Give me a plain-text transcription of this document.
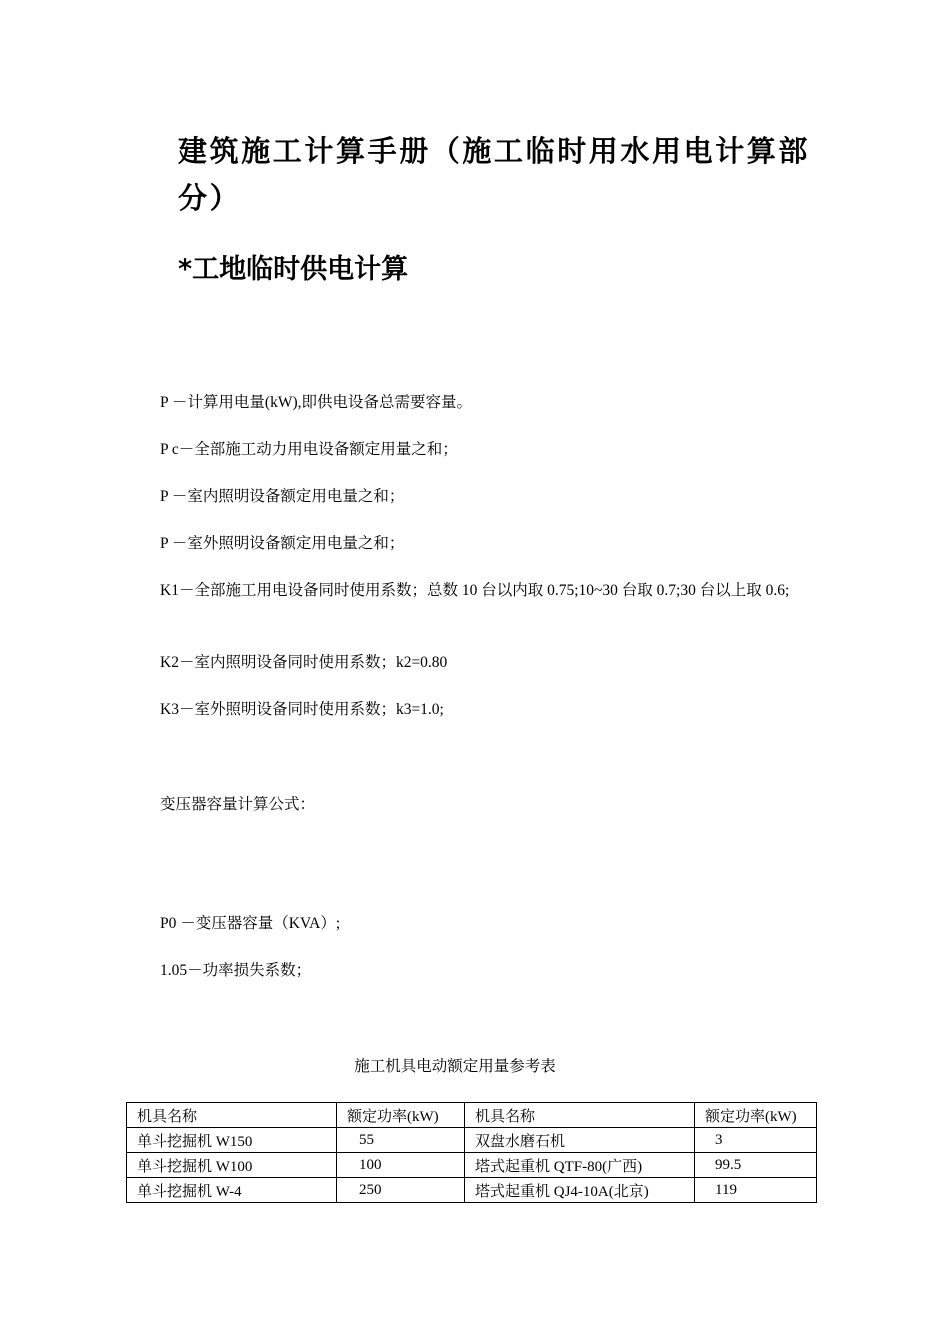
建筑施工计算手册（施工临时用水用电计算部分）
*工地临时供电计算
P －计算用电量(kW),即供电设备总需要容量。
P c－全部施工动力用电设备额定用量之和；
P －室内照明设备额定用电量之和；
P －室外照明设备额定用电量之和；
K1－全部施工用电设备同时使用系数；总数 10 台以内取 0.75;10~30 台取 0.7;30 台以上取 0.6;
K2－室内照明设备同时使用系数；k2=0.80
K3－室外照明设备同时使用系数；k3=1.0;
变压器容量计算公式：
P0 －变压器容量（KVA）;
1.05－功率损失系数；
施工机具电动额定用量参考表
机具名称	额定功率(kW)	机具名称	额定功率(kW)
单斗挖掘机 W150	55	双盘水磨石机	3
单斗挖掘机 W100	100	塔式起重机 QTF-80(广西)	99.5
单斗挖掘机 W-4	250	塔式起重机 QJ4-10A(北京)	119
